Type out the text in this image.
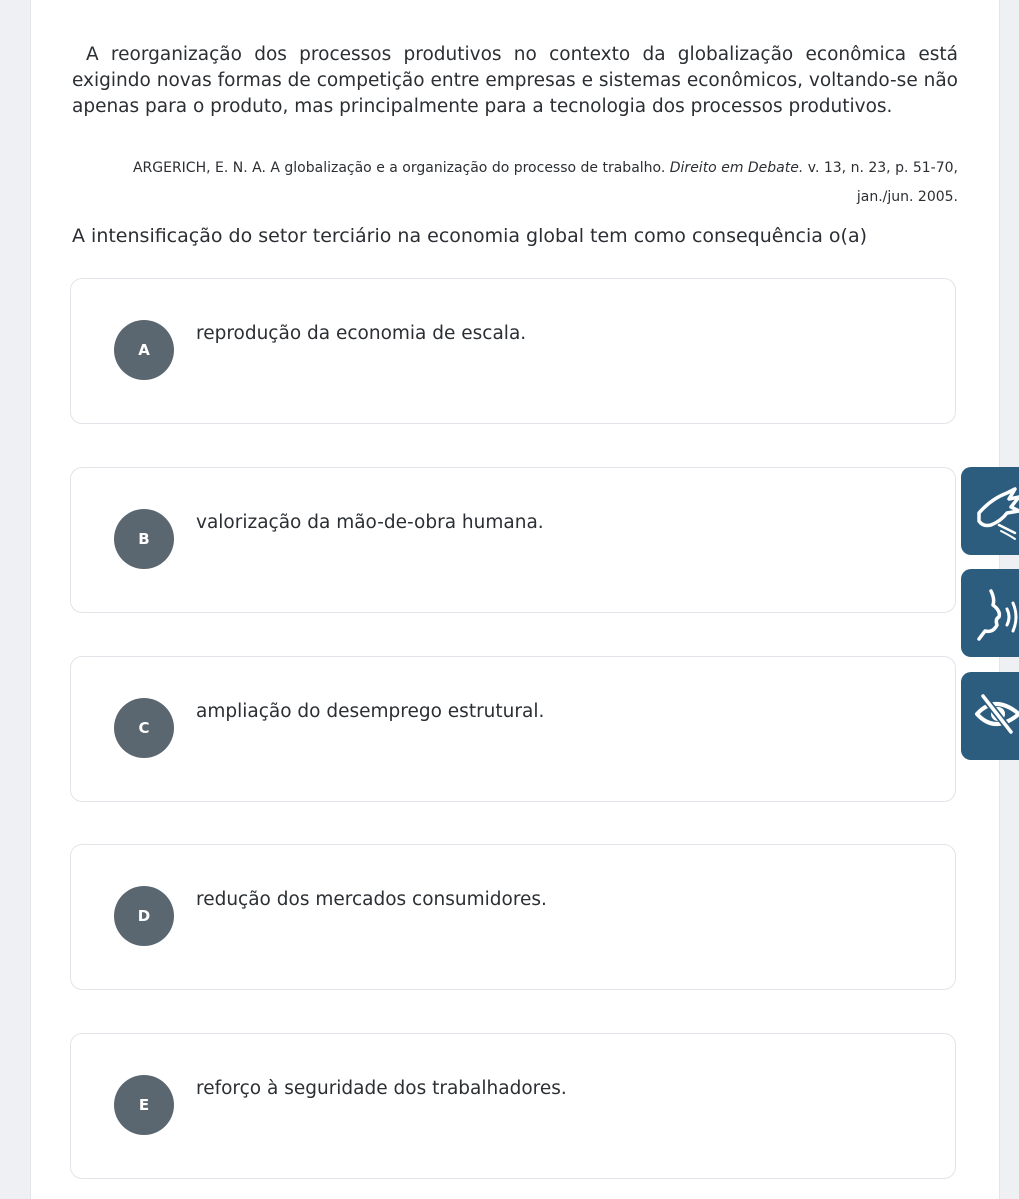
A reorganização dos processos produtivos no contexto da globalização econômica está exigindo novas formas de competição entre empresas e sistemas econômicos, voltando-se não apenas para o produto, mas principalmente para a tecnologia dos processos produtivos.

ARGERICH, E. N. A. A globalização e a organização do processo de trabalho. Direito em Debate. v. 13, n. 23, p. 51-70,
jan./jun. 2005.

A intensificação do setor terciário na economia global tem como consequência o(a)

A
reprodução da economia de escala.
B
valorização da mão-de-obra humana.
C
ampliação do desemprego estrutural.
D
redução dos mercados consumidores.
E
reforço à seguridade dos trabalhadores.
